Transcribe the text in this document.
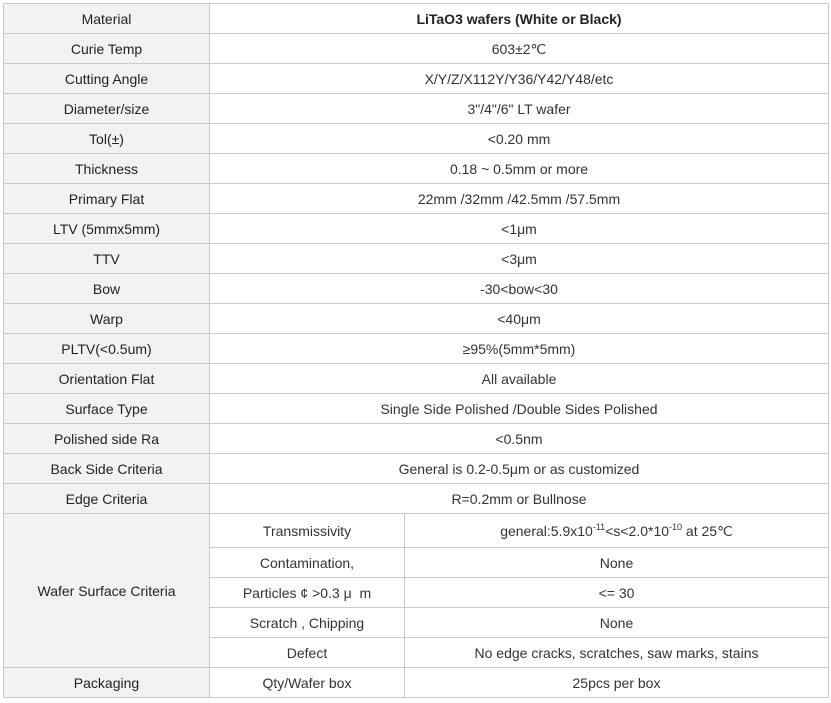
Material	LiTaO3 wafers (White or Black)	
Curie Temp	603±2℃	
Cutting Angle	X/Y/Z/X112Y/Y36/Y42/Y48/etc	
Diameter/size	3"/4"/6" LT wafer	
Tol(±)	<0.20 mm	
Thickness	0.18 ~ 0.5mm or more	
Primary Flat	22mm /32mm /42.5mm /57.5mm	
LTV (5mmx5mm)	<1μm	
TTV	<3μm	
Bow	-30<bow<30	
Warp	<40μm	
PLTV(<0.5um)	≥95%(5mm*5mm)	
Orientation Flat	All available	
Surface Type	Single Side Polished /Double Sides Polished	
Polished side Ra	<0.5nm	
Back Side Criteria	General is 0.2-0.5μm or as customized	
Edge Criteria	R=0.2mm or Bullnose	
Wafer Surface Criteria	Transmissivity	$general:5.9x10^{-11}<s<2.0*10^{-10}$ at 25℃
	Contamination,	None
	Particles ¢ >0.3 μ  m	<= 30
	Scratch , Chipping	None
	Defect	No edge cracks, scratches, saw marks, stains
Packaging	Qty/Wafer box	25pcs per box
